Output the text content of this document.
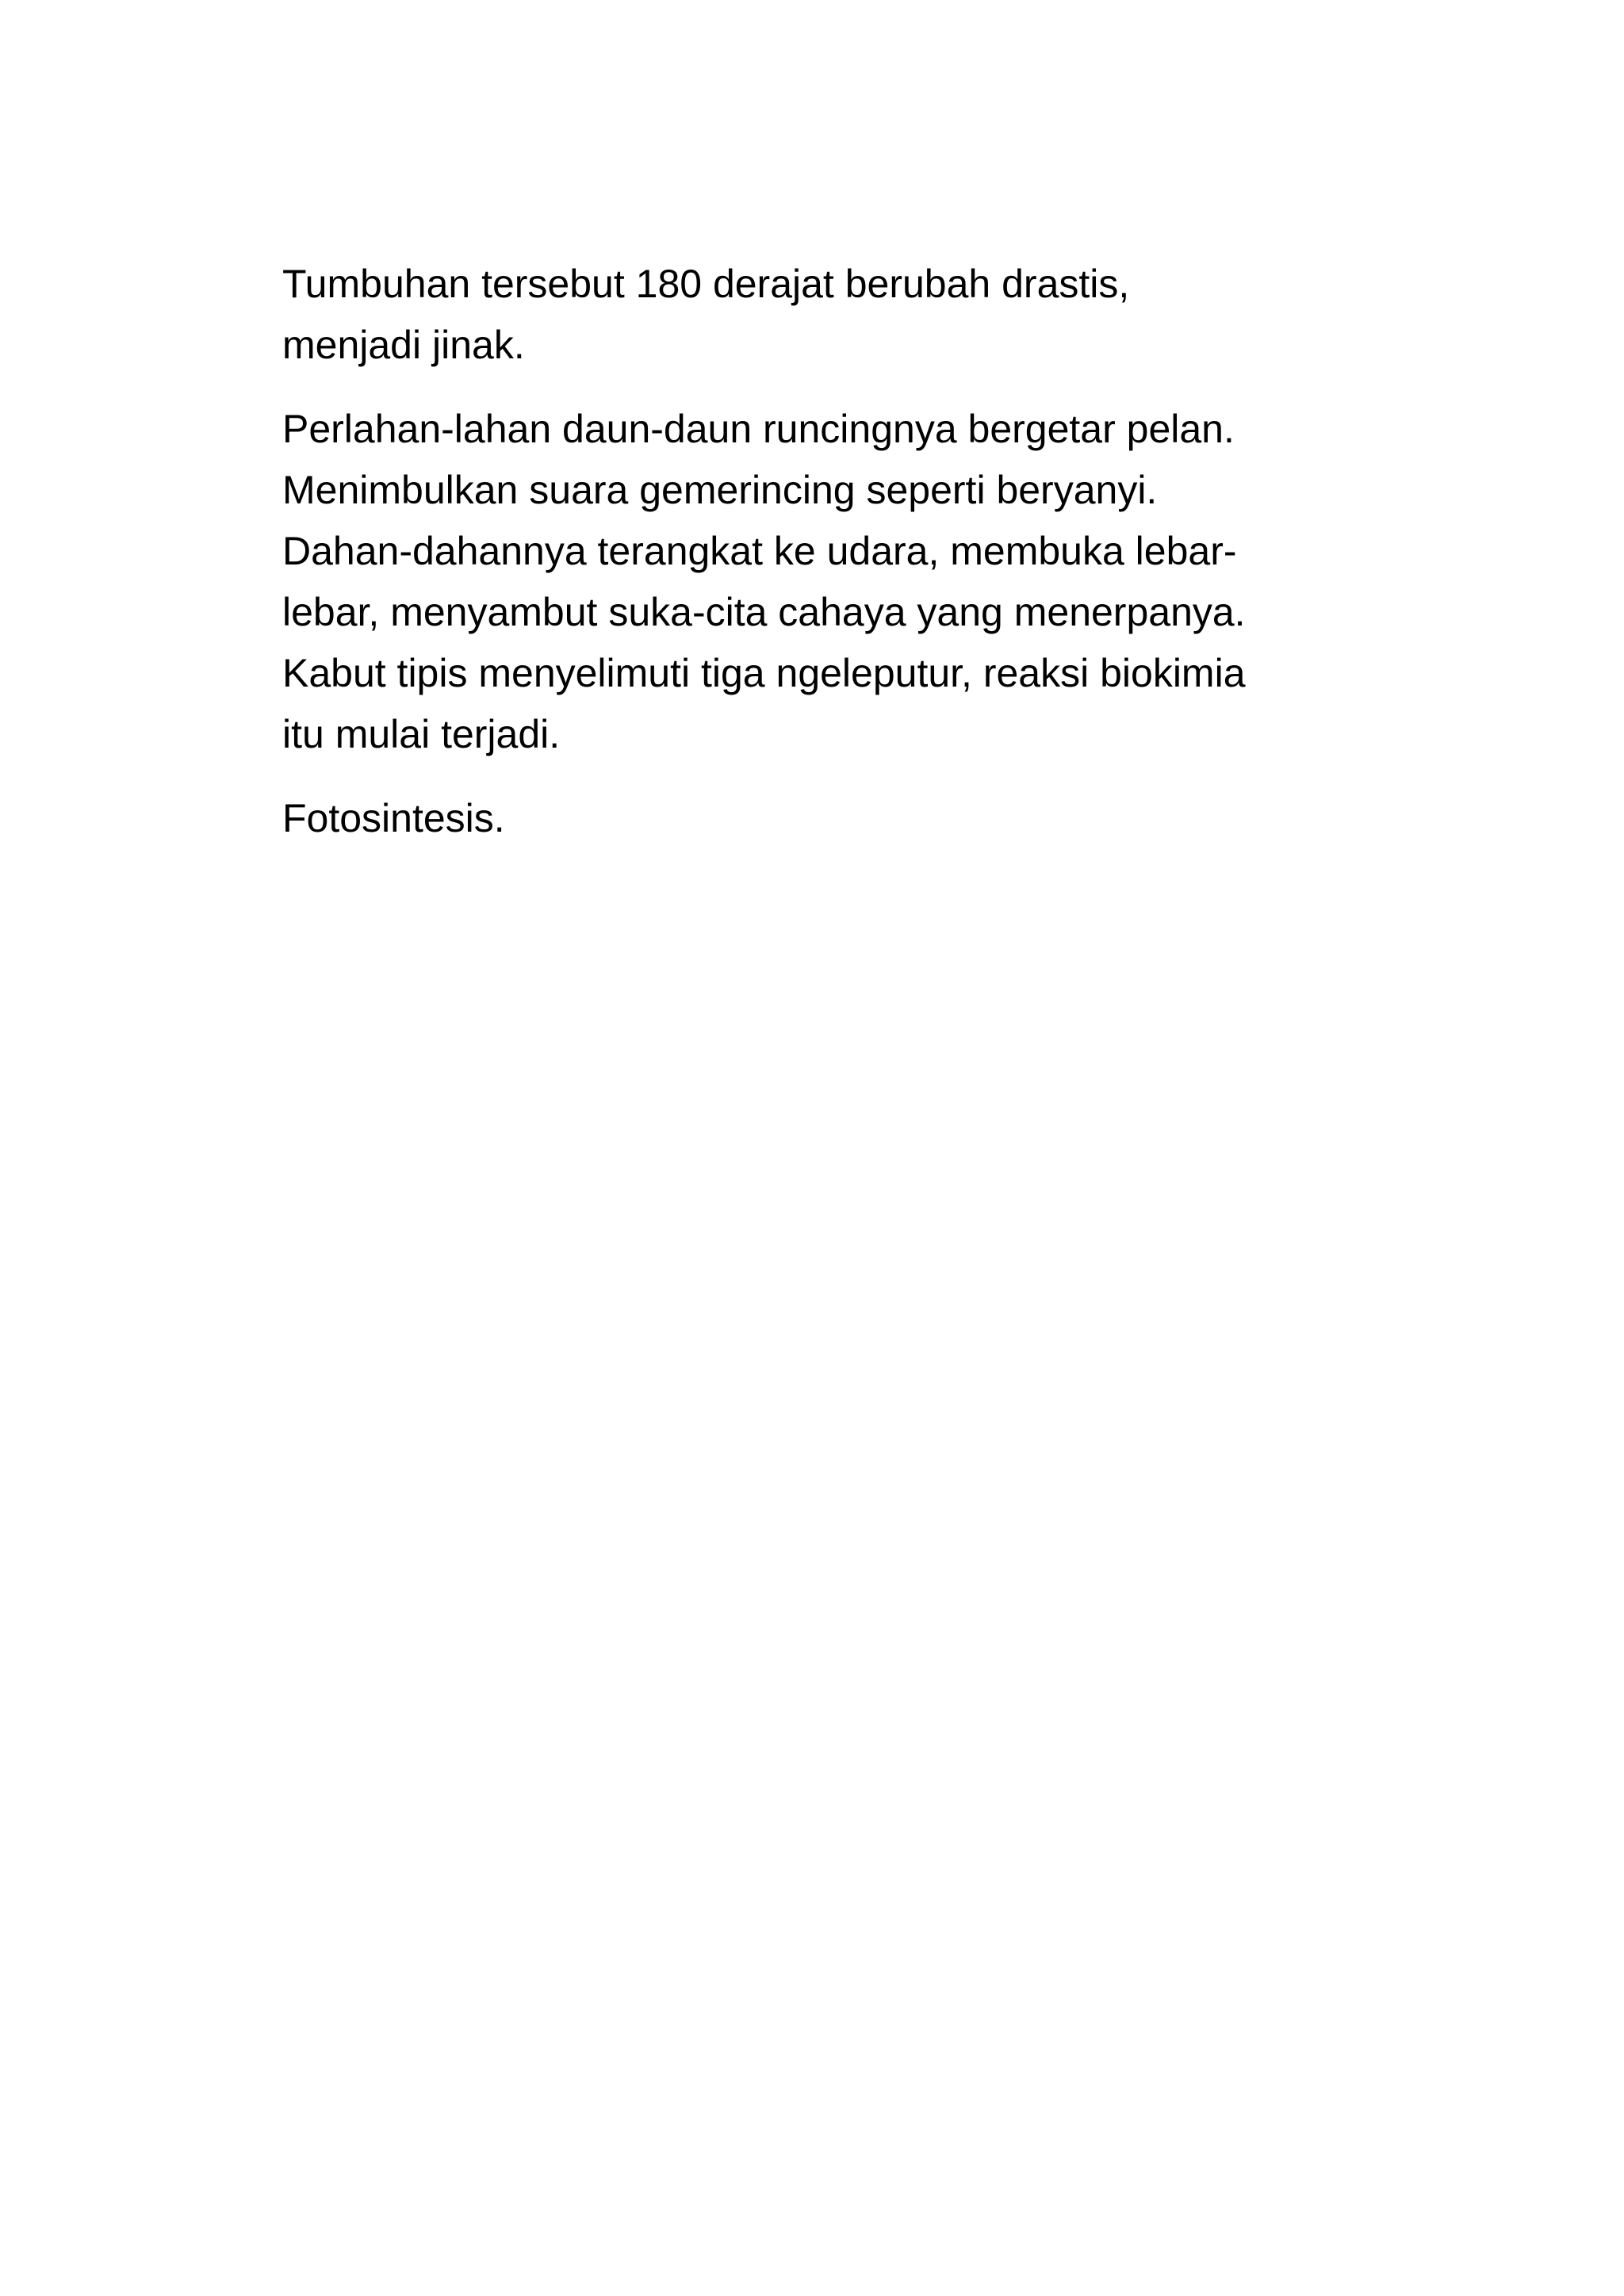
Tumbuhan tersebut 180 derajat berubah drastis,
menjadi jinak.

Perlahan-lahan daun-daun runcingnya bergetar pelan.
Menimbulkan suara gemerincing seperti beryanyi.
Dahan-dahannya terangkat ke udara, membuka lebar-
lebar, menyambut suka-cita cahaya yang menerpanya.
Kabut tipis menyelimuti tiga ngeleputur, reaksi biokimia
itu mulai terjadi.

Fotosintesis.
